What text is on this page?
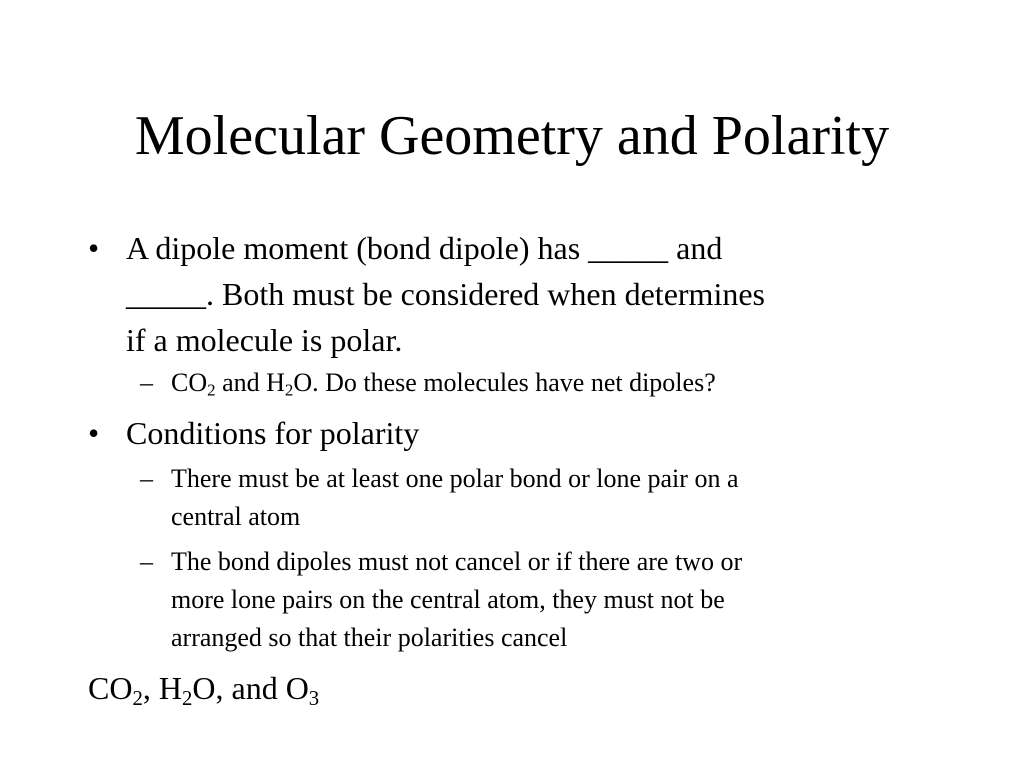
Molecular Geometry and Polarity
• A dipole moment (bond dipole) has _____ and
_____. Both must be considered when determines
if a molecule is polar.
– $CO_2$ and $H_2O$. Do these molecules have net dipoles?
• Conditions for polarity
– There must be at least one polar bond or lone pair on a
central atom
– The bond dipoles must not cancel or if there are two or
more lone pairs on the central atom, they must not be
arranged so that their polarities cancel
$CO_2$, $H_2O$, and $O_3$
